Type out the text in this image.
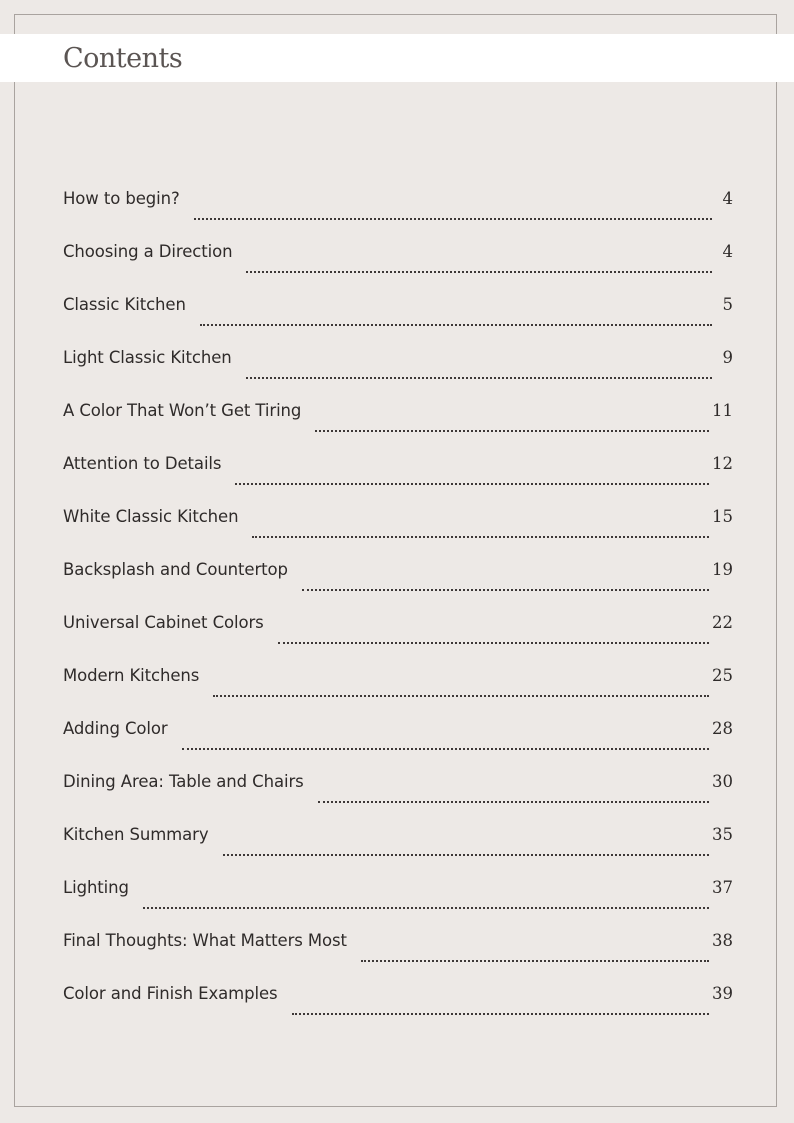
Contents
How to begin?	4
Choosing a Direction	4
Classic Kitchen	5
Light Classic Kitchen	9
A Color That Won’t Get Tiring	11
Attention to Details	12
White Classic Kitchen	15
Backsplash and Countertop	19
Universal Cabinet Colors	22
Modern Kitchens	25
Adding Color	28
Dining Area: Table and Chairs	30
Kitchen Summary	35
Lighting	37
Final Thoughts: What Matters Most	38
Color and Finish Examples	39
